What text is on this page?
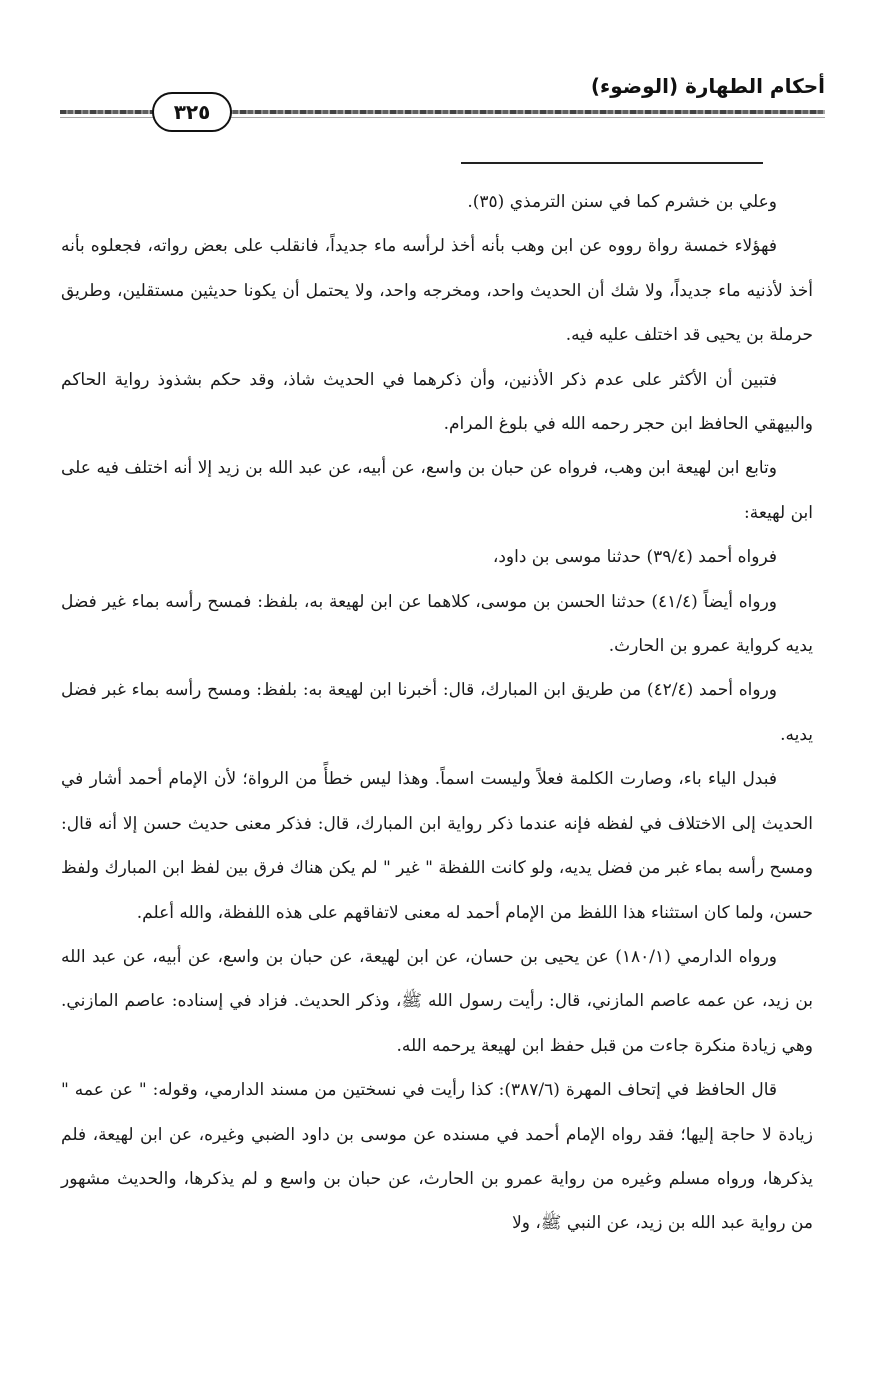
أحكام الطهارة (الوضوء)
٣٢٥

وعلي بن خشرم كما في سنن الترمذي (٣٥).

فهؤلاء خمسة رواة رووه عن ابن وهب بأنه أخذ لرأسه ماء جديداً، فانقلب على بعض رواته، فجعلوه بأنه أخذ لأذنيه ماء جديداً، ولا شك أن الحديث واحد، ومخرجه واحد، ولا يحتمل أن يكونا حديثين مستقلين، وطريق حرملة بن يحيى قد اختلف عليه فيه.

فتبين أن الأكثر على عدم ذكر الأذنين، وأن ذكرهما في الحديث شاذ، وقد حكم بشذوذ رواية الحاكم والبيهقي الحافظ ابن حجر رحمه الله في بلوغ المرام.

وتابع ابن لهيعة ابن وهب، فرواه عن حبان بن واسع، عن أبيه، عن عبد الله بن زيد إلا أنه اختلف فيه على ابن لهيعة:

فرواه أحمد (٣٩/٤) حدثنا موسى بن داود،

ورواه أيضاً (٤١/٤) حدثنا الحسن بن موسى، كلاهما عن ابن لهيعة به، بلفظ: فمسح رأسه بماء غير فضل يديه كرواية عمرو بن الحارث.

ورواه أحمد (٤٢/٤) من طريق ابن المبارك، قال: أخبرنا ابن لهيعة به: بلفظ: ومسح رأسه بماء غبر فضل يديه.

فبدل الياء باء، وصارت الكلمة فعلاً وليست اسماً. وهذا ليس خطأً من الرواة؛ لأن الإمام أحمد أشار في الحديث إلى الاختلاف في لفظه فإنه عندما ذكر رواية ابن المبارك، قال: فذكر معنى حديث حسن إلا أنه قال: ومسح رأسه بماء غبر من فضل يديه، ولو كانت اللفظة " غير " لم يكن هناك فرق بين لفظ ابن المبارك ولفظ حسن، ولما كان استثناء هذا اللفظ من الإمام أحمد له معنى لاتفاقهم على هذه اللفظة، والله أعلم.

ورواه الدارمي (١٨٠/١) عن يحيى بن حسان، عن ابن لهيعة، عن حبان بن واسع، عن أبيه، عن عبد الله بن زيد، عن عمه عاصم المازني، قال: رأيت رسول الله ﷺ، وذكر الحديث. فزاد في إسناده: عاصم المازني. وهي زيادة منكرة جاءت من قبل حفظ ابن لهيعة يرحمه الله.

قال الحافظ في إتحاف المهرة (٣٨٧/٦): كذا رأيت في نسختين من مسند الدارمي، وقوله: " عن عمه " زيادة لا حاجة إليها؛ فقد رواه الإمام أحمد في مسنده عن موسى بن داود الضبي وغيره، عن ابن لهيعة، فلم يذكرها، ورواه مسلم وغيره من رواية عمرو بن الحارث، عن حبان بن واسع و لم يذكرها، والحديث مشهور من رواية عبد الله بن زيد، عن النبي ﷺ، ولا
